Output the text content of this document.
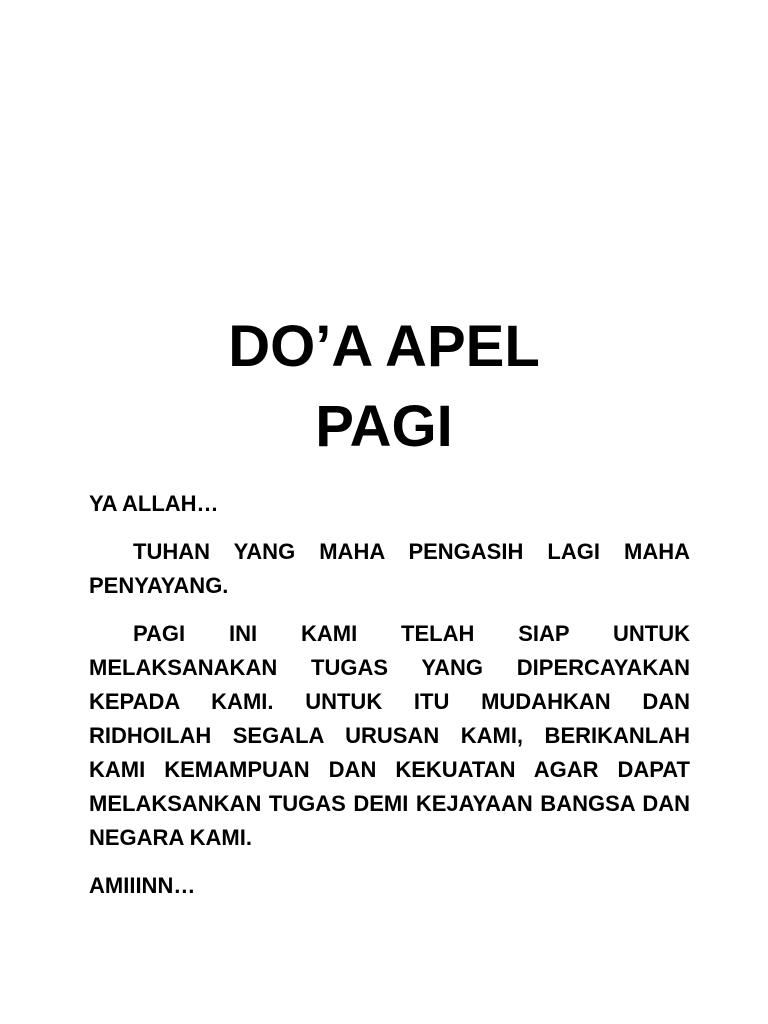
DO’A APEL
PAGI

YA ALLAH…

TUHAN YANG MAHA PENGASIH LAGI MAHA PENYAYANG.

PAGI INI KAMI TELAH SIAP UNTUK MELAKSANAKAN TUGAS YANG DIPERCAYAKAN KEPADA KAMI. UNTUK ITU MUDAHKAN DAN RIDHOILAH SEGALA URUSAN KAMI, BERIKANLAH KAMI KEMAMPUAN DAN KEKUATAN AGAR DAPAT MELAKSANKAN TUGAS DEMI KEJAYAAN BANGSA DAN NEGARA KAMI.

AMIIINN…
